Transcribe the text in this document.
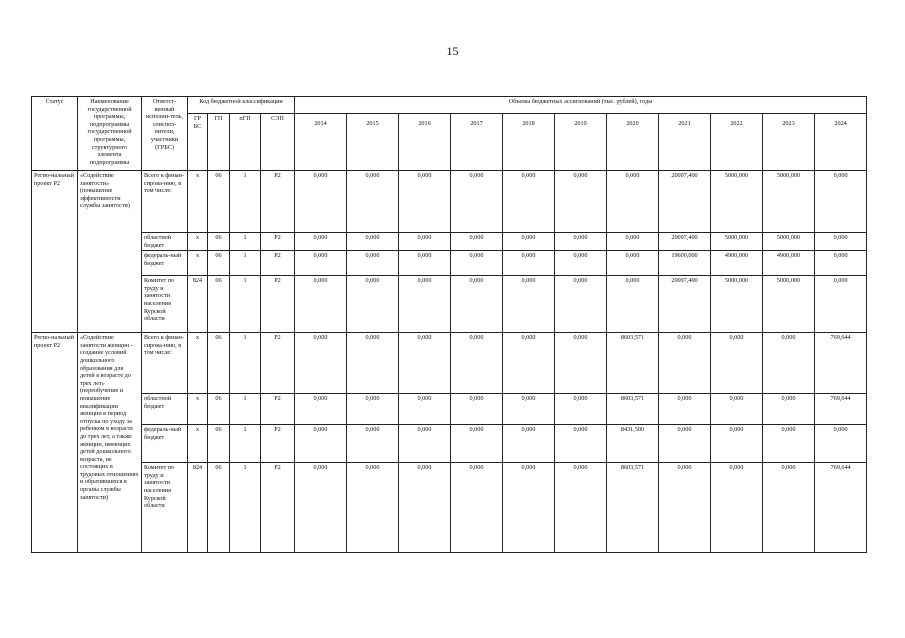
15
Статус	Наименование государственной программы, подпрограммы государственной программы, структурного элемента подпрограммы	Ответст-венный исполни-тель, соиспол-нители, участники (ГРБС)	Код бюджетной классификации				Объемы бюджетных ассигнований (тыс. рублей), годы										
			ГР БС	ГП	пГП	СЭП	2014	2015	2016	2017	2018	2019	2020	2021	2022	2023	2024
Регио-нальный проект Р2	«Содействие занятости» (повышение эффективности службы занятости)	Всего к финан-сирова-нию, в том числе:	x	06	1	Р2	0,000	0,000	0,000	0,000	0,000	0,000	0,000	20097,400	5000,000	5000,000	0,000
		областной бюджет	x	06	1	Р2	0,000	0,000	0,000	0,000	0,000	0,000	0,000	20097,400	5000,000	5000,000	0,000
		федераль-ный бюджет	x	06	1	Р2	0,000	0,000	0,000	0,000	0,000	0,000	0,000	19600,000	4900,000	4900,000	0,000
		Комитет по труду и занятости населения Курской области	824	06	1	Р2	0,000	0,000	0,000	0,000	0,000	0,000	0,000	20097,400	5000,000	5000,000	0,000
Регио-нальный проект Р2	«Содействие занятости женщин - создание условий дошкольного образования для детей в возрасте до трех лет» (переобучение и повышение квалификации женщин в период отпуска по уходу за ребенком в возрасте до трех лет, а также женщин, имеющих детей дошкольного возраста, не состоящих в трудовых отношениях и обратившихся в органы службы занятости)	Всего к финан-сирова-нию, в том числе:	x	06	1	Р2	0,000	0,000	0,000	0,000	0,000	0,000	8603,571	0,000	0,000	0,000	769,644
		областной бюджет	x	06	1	Р2	0,000	0,000	0,000	0,000	0,000	0,000	8603,571	0,000	0,000	0,000	769,644
		федераль-ный бюджет	x	06	1	Р2	0,000	0,000	0,000	0,000	0,000	0,000	8431,500	0,000	0,000	0,000	0,000
		Комитет по труду и занятости населения Курской области	824	06	1	Р2	0,000	0,000	0,000	0,000	0,000	0,000	8603,571	0,000	0,000	0,000	769,644
